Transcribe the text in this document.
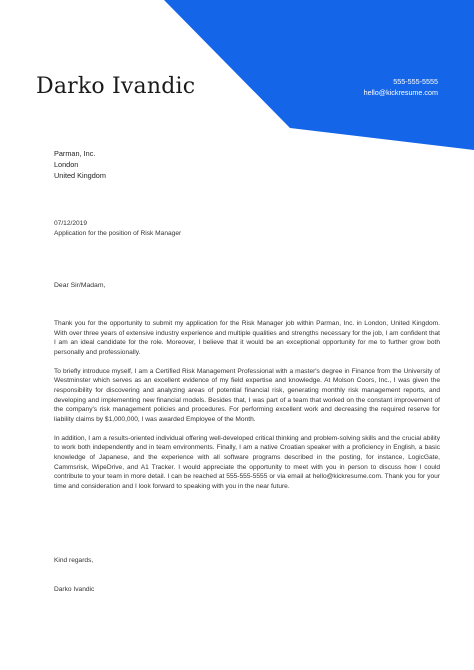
Darko Ivandic	555-555-5555
hello@kickresume.com
Parman, Inc.
London
United Kingdom
07/12/2019
Application for the position of Risk Manager
Dear Sir/Madam,

Thank you for the opportunity to submit my application for the Risk Manager job within Parman, Inc. in London, United Kingdom. With over three years of extensive industry experience and multiple qualities and strengths necessary for the job, I am confident that I am an ideal candidate for the role. Moreover, I believe that it would be an exceptional opportunity for me to further grow both personally and professionally.

To briefly introduce myself, I am a Certified Risk Management Professional with a master's degree in Finance from the University of Westminster which serves as an excellent evidence of my field expertise and knowledge. At Molson Coors, Inc., I was given the responsibility for discovering and analyzing areas of potential financial risk, generating monthly risk management reports, and developing and implementing new financial models. Besides that, I was part of a team that worked on the constant improvement of the company's risk management policies and procedures. For performing excellent work and decreasing the required reserve for liability claims by $1,000,000, I was awarded Employee of the Month.

In addition, I am a results-oriented individual offering well-developed critical thinking and problem-solving skills and the crucial ability to work both independently and in team environments. Finally, I am a native Croatian speaker with a proficiency in English, a basic knowledge of Japanese, and the experience with all software programs described in the posting, for instance, LogicGate, Cammsrisk, WipeDrive, and A1 Tracker. I would appreciate the opportunity to meet with you in person to discuss how I could contribute to your team in more detail. I can be reached at 555-555-5555 or via email at hello@kickresume.com. Thank you for your time and consideration and I look forward to speaking with you in the near future.

Kind regards,
Darko Ivandic
